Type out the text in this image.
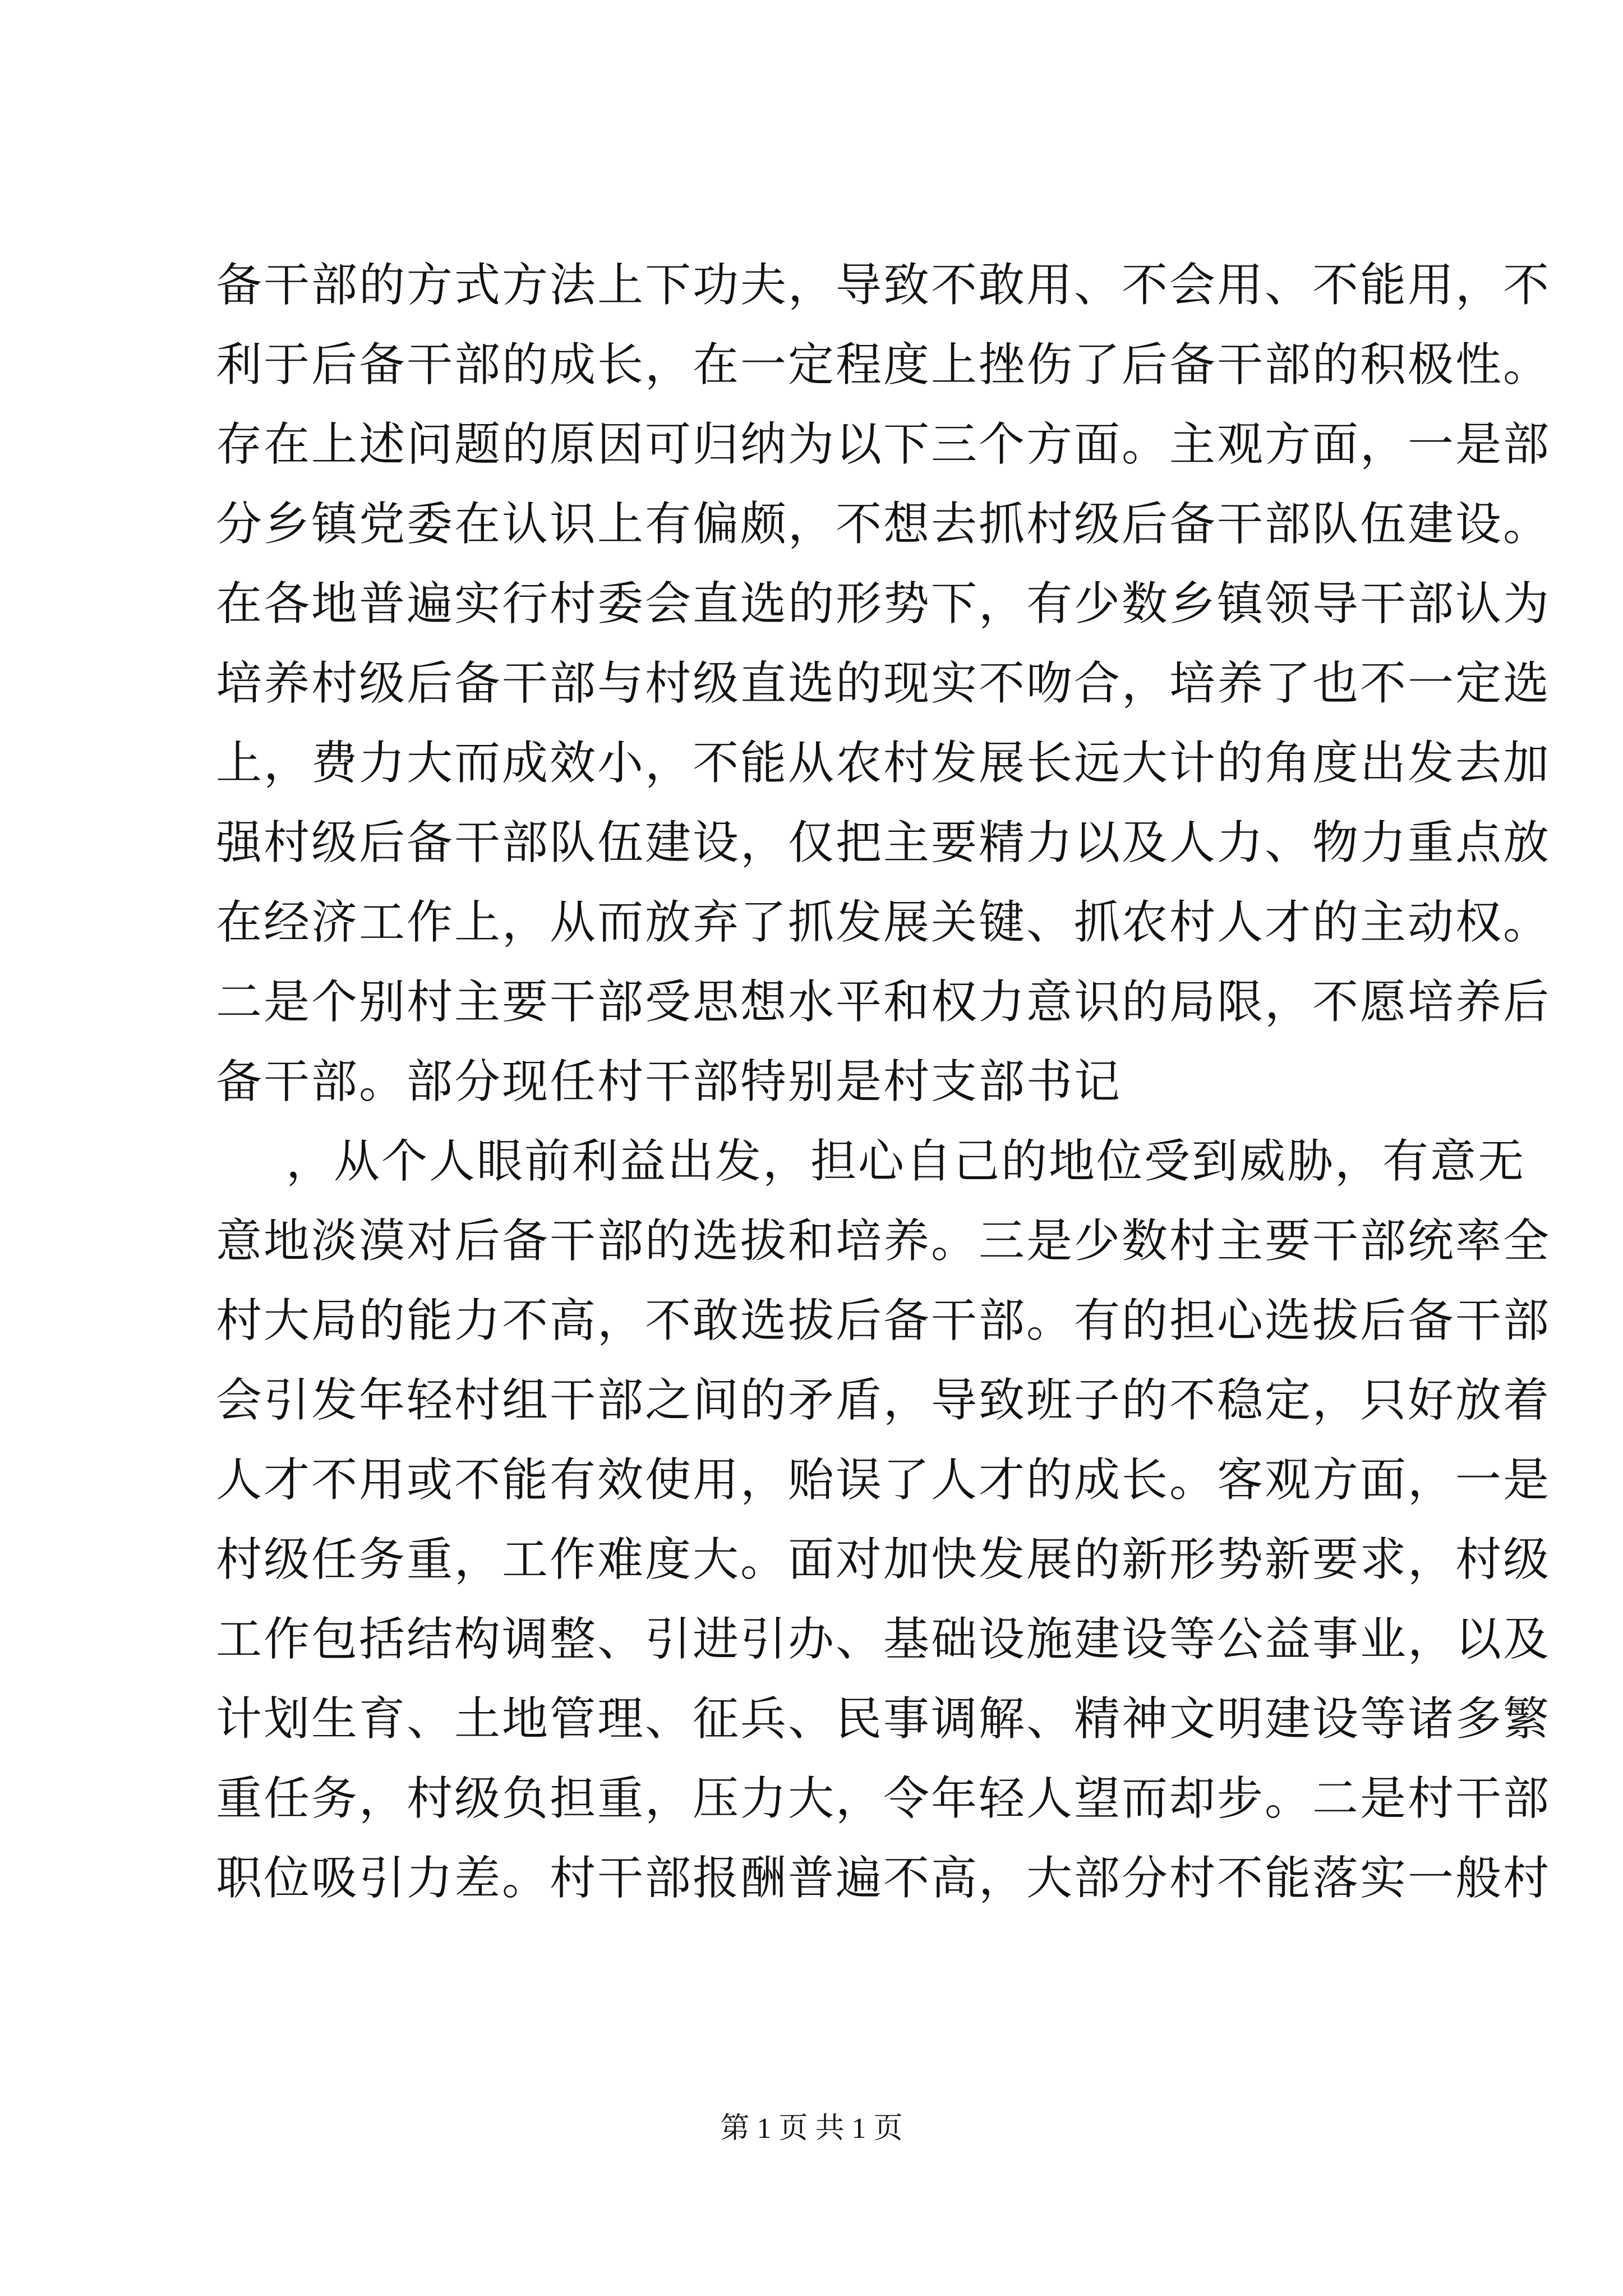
备干部的方式方法上下功夫，导致不敢用、不会用、不能用，不
利于后备干部的成长，在一定程度上挫伤了后备干部的积极性。
存在上述问题的原因可归纳为以下三个方面。主观方面，一是部
分乡镇党委在认识上有偏颇，不想去抓村级后备干部队伍建设。
在各地普遍实行村委会直选的形势下，有少数乡镇领导干部认为
培养村级后备干部与村级直选的现实不吻合，培养了也不一定选
上，费力大而成效小，不能从农村发展长远大计的角度出发去加
强村级后备干部队伍建设，仅把主要精力以及人力、物力重点放
在经济工作上，从而放弃了抓发展关键、抓农村人才的主动权。
二是个别村主要干部受思想水平和权力意识的局限，不愿培养后
备干部。部分现任村干部特别是村支部书记
，从个人眼前利益出发，担心自己的地位受到威胁，有意无
意地淡漠对后备干部的选拔和培养。三是少数村主要干部统率全
村大局的能力不高，不敢选拔后备干部。有的担心选拔后备干部
会引发年轻村组干部之间的矛盾，导致班子的不稳定，只好放着
人才不用或不能有效使用，贻误了人才的成长。客观方面，一是
村级任务重，工作难度大。面对加快发展的新形势新要求，村级
工作包括结构调整、引进引办、基础设施建设等公益事业，以及
计划生育、土地管理、征兵、民事调解、精神文明建设等诸多繁
重任务，村级负担重，压力大，令年轻人望而却步。二是村干部
职位吸引力差。村干部报酬普遍不高，大部分村不能落实一般村
第 1 页 共 1 页
